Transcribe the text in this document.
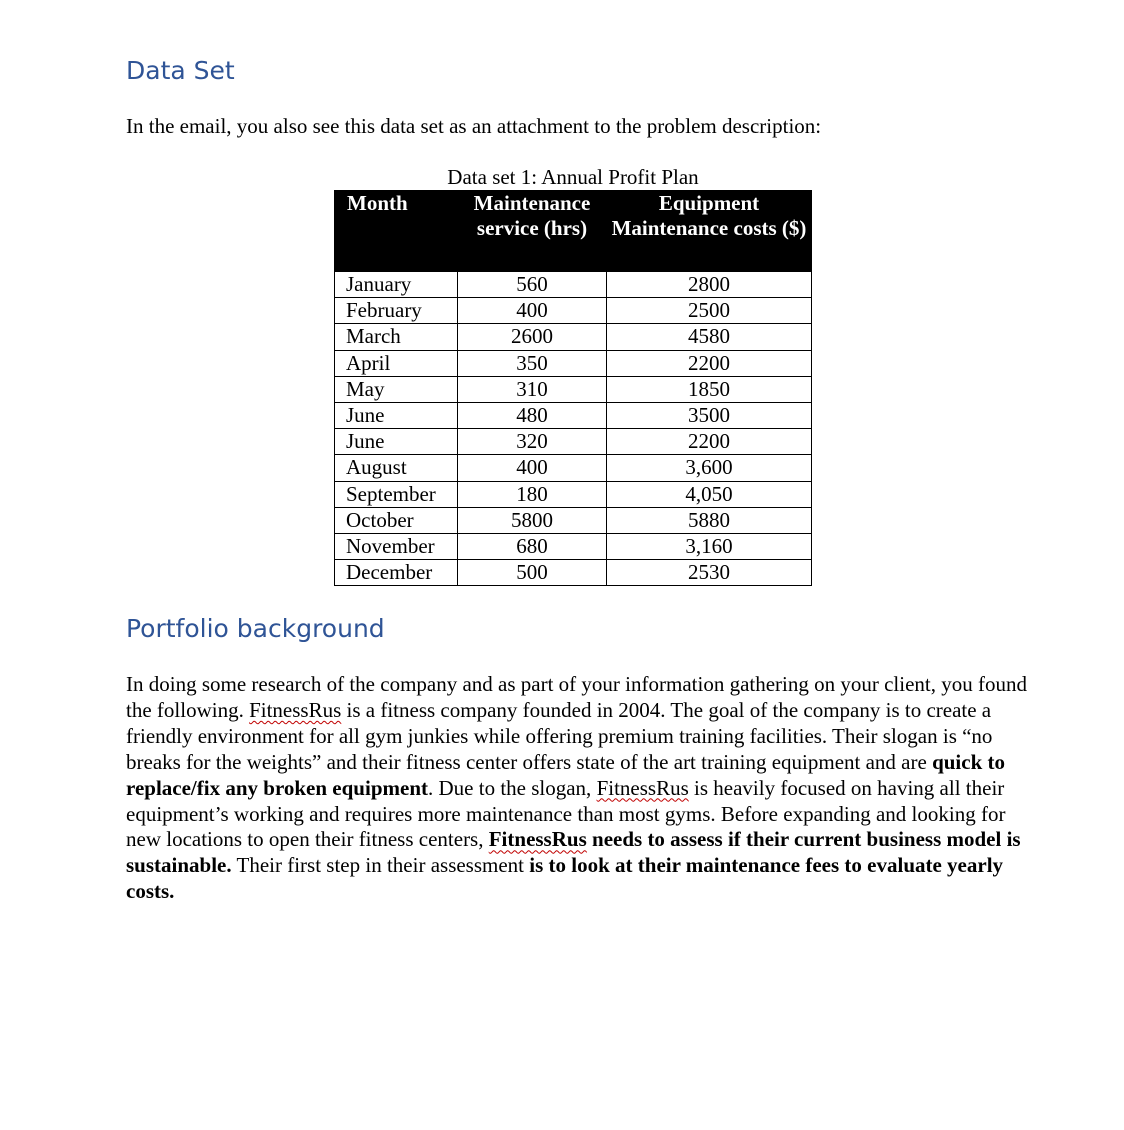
Data Set

In the email, you also see this data set as an attachment to the problem description:

Data set 1: Annual Profit Plan
Month	Maintenance service (hrs)	Equipment Maintenance costs ($)
January	560	2800
February	400	2500
March	2600	4580
April	350	2200
May	310	1850
June	480	3500
June	320	2200
August	400	3,600
September	180	4,050
October	5800	5880
November	680	3,160
December	500	2530
Portfolio background

In doing some research of the company and as part of your information gathering on your client, you found the following. FitnessRus is a fitness company founded in 2004. The goal of the company is to create a friendly environment for all gym junkies while offering premium training facilities. Their slogan is “no breaks for the weights” and their fitness center offers state of the art training equipment and are quick to replace/fix any broken equipment. Due to the slogan, FitnessRus is heavily focused on having all their equipment’s working and requires more maintenance than most gyms. Before expanding and looking for new locations to open their fitness centers, FitnessRus needs to assess if their current business model is sustainable. Their first step in their assessment is to look at their maintenance fees to evaluate yearly costs.
